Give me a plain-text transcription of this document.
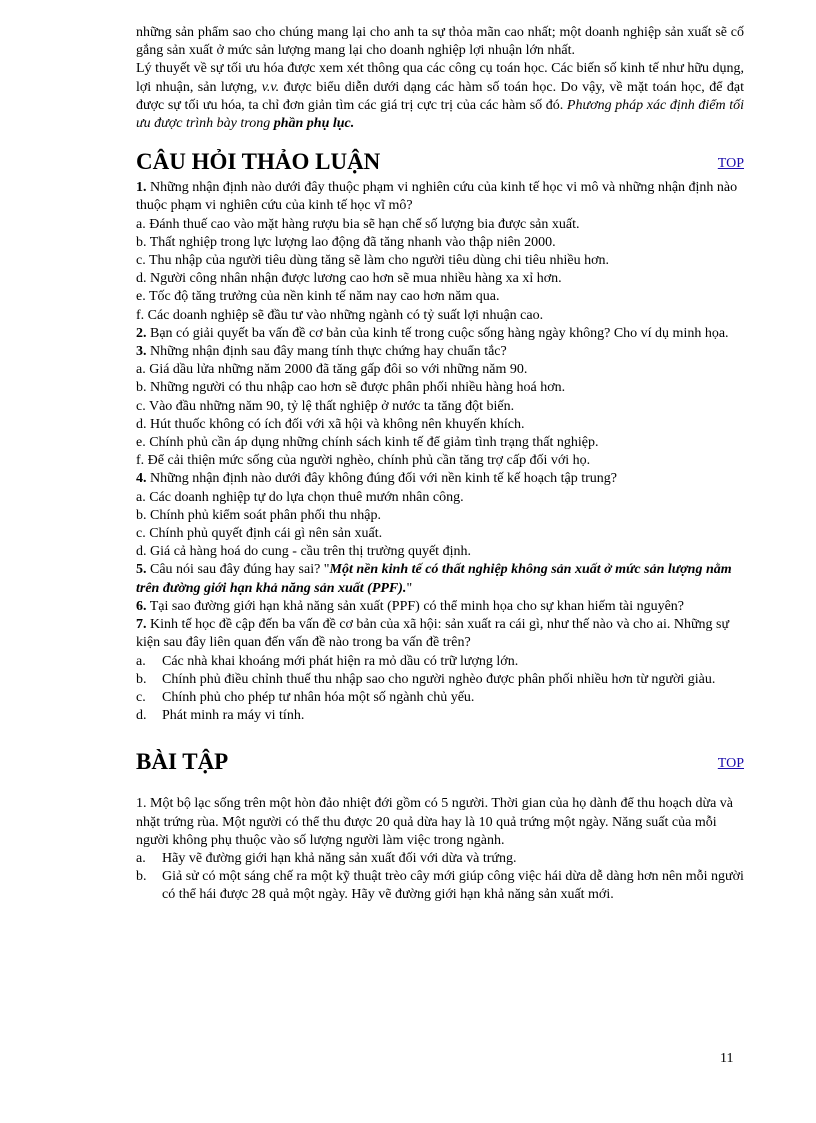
những sản phẩm sao cho chúng mang lại cho anh ta sự thỏa mãn cao nhất; một doanh nghiệp sản xuất sẽ cố gắng sản xuất ở mức sản lượng mang lại cho doanh nghiệp lợi nhuận lớn nhất.

Lý thuyết về sự tối ưu hóa được xem xét thông qua các công cụ toán học. Các biến số kinh tế như hữu dụng, lợi nhuận, sản lượng, v.v. được biểu diễn dưới dạng các hàm số toán học. Do vậy, về mặt toán học, để đạt được sự tối ưu hóa, ta chỉ đơn giản tìm các giá trị cực trị của các hàm số đó. Phương pháp xác định điểm tối ưu được trình bày trong phần phụ lục.

CÂU HỎI THẢO LUẬN	TOP

1. Những nhận định nào dưới đây thuộc phạm vi nghiên cứu của kinh tế học vi mô và những nhận định nào thuộc phạm vi nghiên cứu của kinh tế học vĩ mô?

a. Đánh thuế cao vào mặt hàng rượu bia sẽ hạn chế số lượng bia được sản xuất.

b. Thất nghiệp trong lực lượng lao động đã tăng nhanh vào thập niên 2000.

c. Thu nhập của người tiêu dùng tăng sẽ làm cho người tiêu dùng chi tiêu nhiều hơn.

d. Người công nhân nhận được lương cao hơn sẽ mua nhiều hàng xa xỉ hơn.

e. Tốc độ tăng trưởng của nền kinh tế năm nay cao hơn năm qua.

f. Các doanh nghiệp sẽ đầu tư vào những ngành có tỷ suất lợi nhuận cao.

2. Bạn có giải quyết ba vấn đề cơ bản của kinh tế trong cuộc sống hàng ngày không? Cho ví dụ minh họa.

3. Những nhận định sau đây mang tính thực chứng hay chuẩn tắc?

a. Giá dầu lửa những năm 2000 đã tăng gấp đôi so với những năm 90.

b. Những người có thu nhập cao hơn sẽ được phân phối nhiều hàng hoá hơn.

c. Vào đầu những năm 90, tỷ lệ thất nghiệp ở nước ta tăng đột biến.

d. Hút thuốc không có ích đối với xã hội và không nên khuyến khích.

e. Chính phủ cần áp dụng những chính sách kinh tế để giảm tình trạng thất nghiệp.

f. Để cải thiện mức sống của người nghèo, chính phủ cần tăng trợ cấp đối với họ.

4. Những nhận định nào dưới đây không đúng đối với nền kinh tế kế hoạch tập trung?

a. Các doanh nghiệp tự do lựa chọn thuê mướn nhân công.

b. Chính phủ kiểm soát phân phối thu nhập.

c. Chính phủ quyết định cái gì nên sản xuất.

d. Giá cả hàng hoá do cung - cầu trên thị trường quyết định.

5. Câu nói sau đây đúng hay sai? "Một nền kinh tế có thất nghiệp không sản xuất ở mức sản lượng nằm trên đường giới hạn khả năng sản xuất (PPF)."

6. Tại sao đường giới hạn khả năng sản xuất (PPF) có thể minh họa cho sự khan hiếm tài nguyên?

7. Kinh tế học đề cập đến ba vấn đề cơ bản của xã hội: sản xuất ra cái gì, như thế nào và cho ai. Những sự kiện sau đây liên quan đến vấn đề nào trong ba vấn đề trên?

a.	Các nhà khai khoáng mới phát hiện ra mỏ dầu có trữ lượng lớn.
b.	Chính phủ điều chỉnh thuế thu nhập sao cho người nghèo được phân phối nhiều hơn từ người giàu.
c.	Chính phủ cho phép tư nhân hóa một số ngành chủ yếu.
d.	Phát minh ra máy vi tính.
BÀI TẬP	TOP

1. Một bộ lạc sống trên một hòn đảo nhiệt đới gồm có 5 người. Thời gian của họ dành để thu hoạch dừa và nhặt trứng rùa. Một người có thể thu được 20 quả dừa hay là 10 quả trứng một ngày. Năng suất của mỗi người không phụ thuộc vào số lượng người làm việc trong ngành.

a.	Hãy vẽ đường giới hạn khả năng sản xuất đối với dừa và trứng.
b.	Giả sử có một sáng chế ra một kỹ thuật trèo cây mới giúp công việc hái dừa dễ dàng hơn nên mỗi người có thể hái được 28 quả một ngày. Hãy vẽ đường giới hạn khả năng sản xuất mới.
11
